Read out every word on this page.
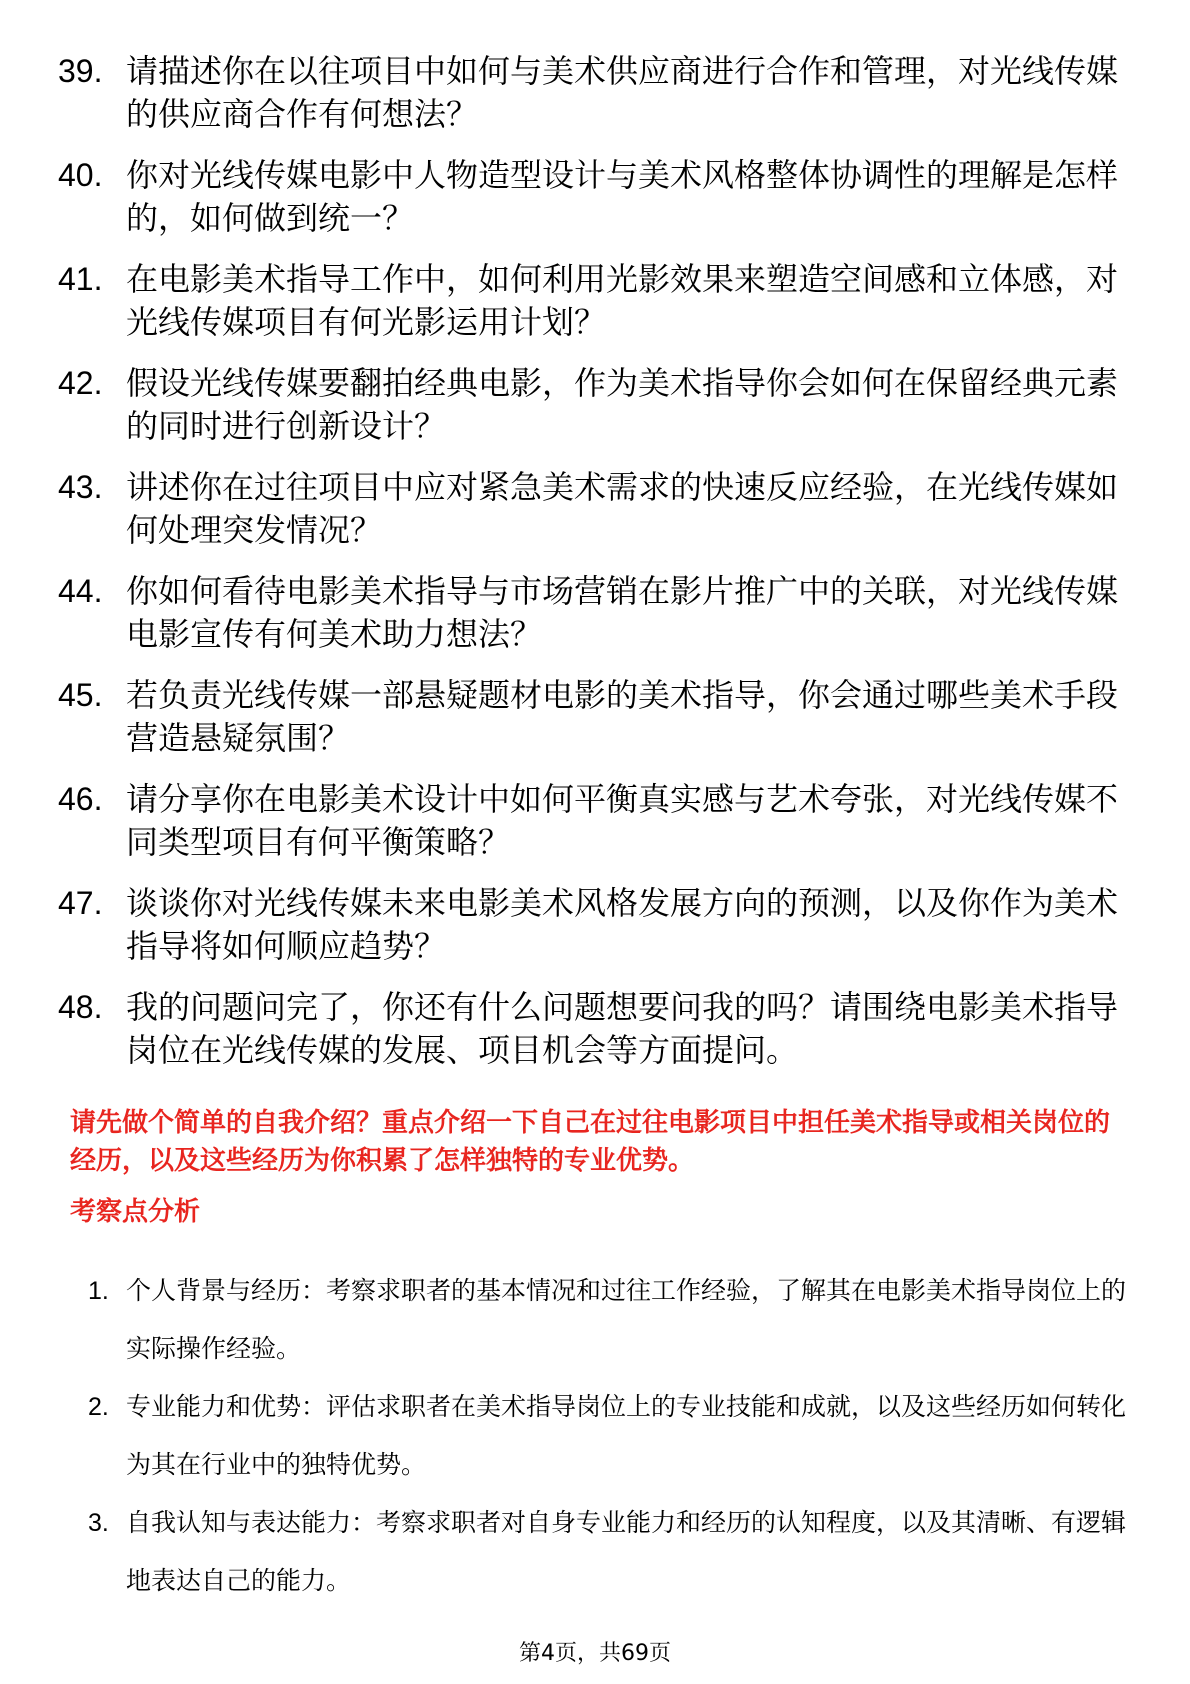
39. 请描述你在以往项目中如何与美术供应商进行合作和管理，对光线传媒的供应商合作有何想法？
40. 你对光线传媒电影中人物造型设计与美术风格整体协调性的理解是怎样的，如何做到统一？
41. 在电影美术指导工作中，如何利用光影效果来塑造空间感和立体感，对光线传媒项目有何光影运用计划？
42. 假设光线传媒要翻拍经典电影，作为美术指导你会如何在保留经典元素的同时进行创新设计？
43. 讲述你在过往项目中应对紧急美术需求的快速反应经验，在光线传媒如何处理突发情况？
44. 你如何看待电影美术指导与市场营销在影片推广中的关联，对光线传媒电影宣传有何美术助力想法？
45. 若负责光线传媒一部悬疑题材电影的美术指导，你会通过哪些美术手段营造悬疑氛围？
46. 请分享你在电影美术设计中如何平衡真实感与艺术夸张，对光线传媒不同类型项目有何平衡策略？
47. 谈谈你对光线传媒未来电影美术风格发展方向的预测，以及你作为美术指导将如何顺应趋势？
48. 我的问题问完了，你还有什么问题想要问我的吗？请围绕电影美术指导岗位在光线传媒的发展、项目机会等方面提问。

请先做个简单的自我介绍？重点介绍一下自己在过往电影项目中担任美术指导或相关岗位的经历，以及这些经历为你积累了怎样独特的专业优势。

考察点分析
1. 个人背景与经历：考察求职者的基本情况和过往工作经验，了解其在电影美术指导岗位上的实际操作经验。
2. 专业能力和优势：评估求职者在美术指导岗位上的专业技能和成就，以及这些经历如何转化为其在行业中的独特优势。
3. 自我认知与表达能力：考察求职者对自身专业能力和经历的认知程度，以及其清晰、有逻辑地表达自己的能力。
第4页，共69页
